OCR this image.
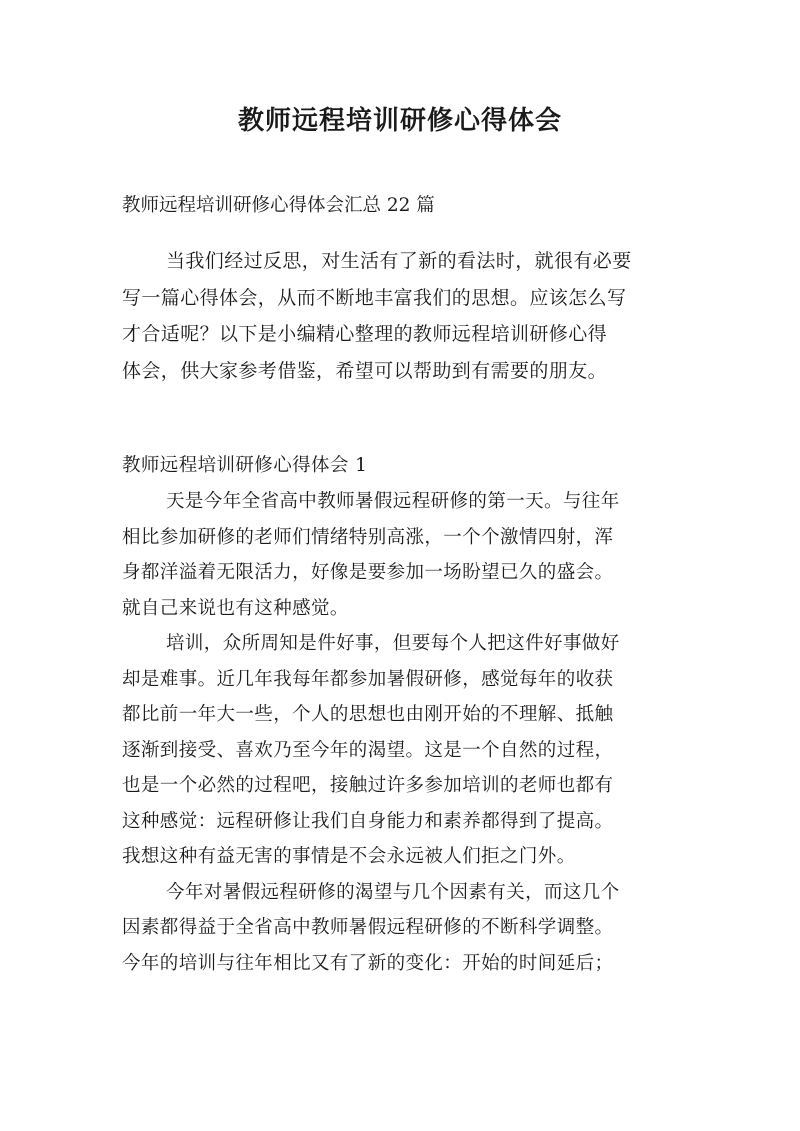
教师远程培训研修心得体会
教师远程培训研修心得体会汇总 22 篇
当我们经过反思，对生活有了新的看法时，就很有必要
写一篇心得体会，从而不断地丰富我们的思想。应该怎么写
才合适呢？以下是小编精心整理的教师远程培训研修心得
体会，供大家参考借鉴，希望可以帮助到有需要的朋友。
教师远程培训研修心得体会 1
天是今年全省高中教师暑假远程研修的第一天。与往年
相比参加研修的老师们情绪特别高涨，一个个激情四射，浑
身都洋溢着无限活力，好像是要参加一场盼望已久的盛会。
就自己来说也有这种感觉。
培训，众所周知是件好事，但要每个人把这件好事做好
却是难事。近几年我每年都参加暑假研修，感觉每年的收获
都比前一年大一些，个人的思想也由刚开始的不理解、抵触
逐渐到接受、喜欢乃至今年的渴望。这是一个自然的过程，
也是一个必然的过程吧，接触过许多参加培训的老师也都有
这种感觉：远程研修让我们自身能力和素养都得到了提高。
我想这种有益无害的事情是不会永远被人们拒之门外。
今年对暑假远程研修的渴望与几个因素有关，而这几个
因素都得益于全省高中教师暑假远程研修的不断科学调整。
今年的培训与往年相比又有了新的变化：开始的时间延后；
